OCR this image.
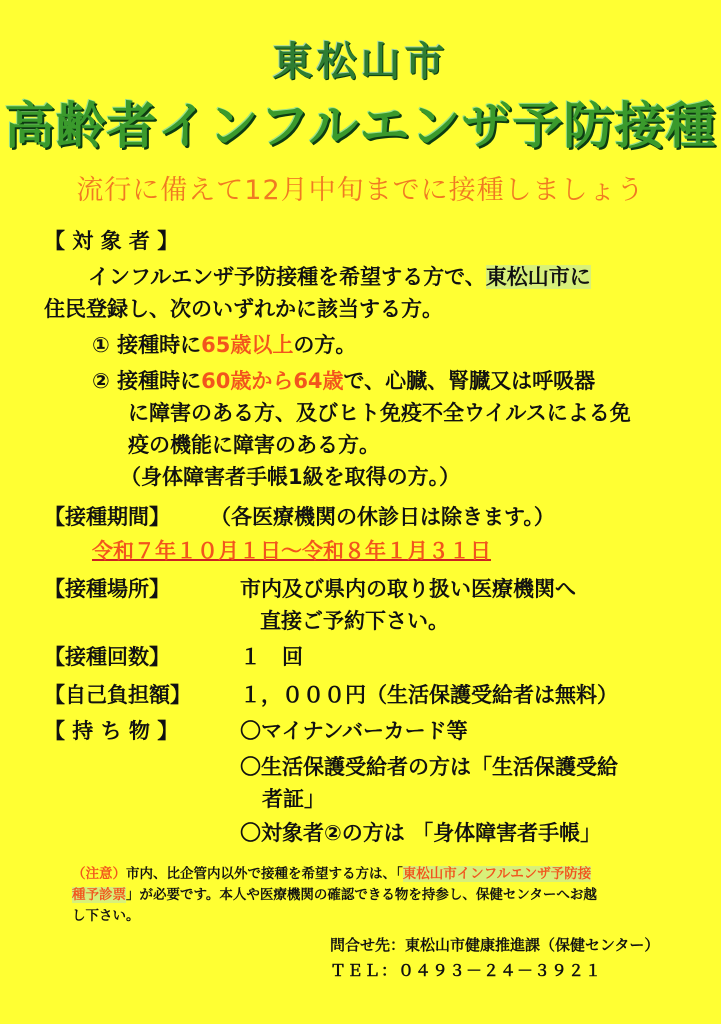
東松山市
高齢者インフルエンザ予防接種
流行に備えて12月中旬までに接種しましょう
【 対 象 者 】
インフルエンザ予防接種を希望する方で、東松山市に
住民登録し、次のいずれかに該当する方。
① 接種時に65歳以上の方。
② 接種時に60歳から64歳で、心臓、腎臓又は呼吸器
に障害のある方、及びヒト免疫不全ウイルスによる免
疫の機能に障害のある方。
（身体障害者手帳1級を取得の方。）
【接種期間】 （各医療機関の休診日は除きます。）
令和７年１０月１日～令和８年１月３１日
【接種場所】	市内及び県内の取り扱い医療機関へ
直接ご予約下さい。
【接種回数】	１　回
【自己負担額】 １，０００円（生活保護受給者は無料）
【 持 ち 物 】	〇マイナンバーカード等
〇生活保護受給者の方は「生活保護受給
者証」
〇対象者②の方は 「身体障害者手帳」
（注意）市内、比企管内以外で接種を希望する方は、「東松山市インフルエンザ予防接
種予診票」が必要です。本人や医療機関の確認できる物を持参し、保健センターへお越
し下さい。
問合せ先：東松山市健康推進課（保健センター）
ＴＥＬ：０４９３－２４－３９２１
